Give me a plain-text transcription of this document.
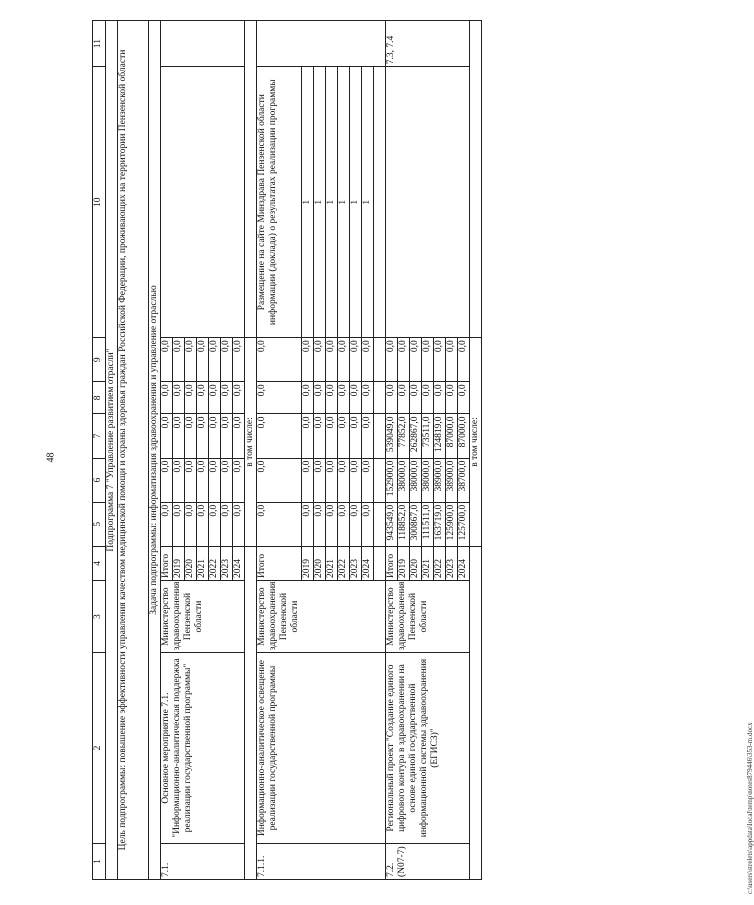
48
c:\users\strelets\appdata\local\temp\notes879446\353-m.docx
1	2	3	4	5	6	7	8	9	10	11
Подпрограмма 7 "Управление развитием отрасли"										
Цель подпрограммы: повышение эффективности управления качеством медицинской помощи и охраны здоровья граждан Российской Федерации, проживающих на территории Пензенской области										
Задача подпрограммы: информатизация здравоохранения и управление отраслью										
7.1.	Основное мероприятие 7.1. "Информационно-аналитическая поддержка реализации государственной программы"	Министерство здравоохранения Пензенской области	Итого	0,0	0,0	0,0	0,0	0,0		
			2019	0,0	0,0	0,0	0,0	0,0		
			2020	0,0	0,0	0,0	0,0	0,0		
			2021	0,0	0,0	0,0	0,0	0,0		
			2022	0,0	0,0	0,0	0,0	0,0		
			2023	0,0	0,0	0,0	0,0	0,0		
			2024	0,0	0,0	0,0	0,0	0,0		
				в том числе:						
7.1.1.	Информационно-аналитическое освещение реализации государственной программы	Министерство здравоохранения Пензенской области	Итого	0,0	0,0	0,0	0,0	0,0	Размещение на сайте Минздрава Пензенской области информации (доклада) о результатах реализации программы	
			2019	0,0	0,0	0,0	0,0	0,0	1	
			2020	0,0	0,0	0,0	0,0	0,0	1	
			2021	0,0	0,0	0,0	0,0	0,0	1	
			2022	0,0	0,0	0,0	0,0	0,0	1	
			2023	0,0	0,0	0,0	0,0	0,0	1	
			2024	0,0	0,0	0,0	0,0	0,0	1	

7.2. (N07-7)	Региональный проект "Создание единого цифрового контура в здравоохранении на основе единой государственной информационной системы здравоохранения (ЕГИСЗ)"	Министерство здравоохранения Пензенской области	Итого	943549,0	152900,0	539049,0	0,0	0,0		7.3, 7.4
			2019	118852,0	38000,0	77852,0	0,0	0,0		
			2020	300867,0	38000,0	262867,0	0,0	0,0		
			2021	111511,0	38000,0	73511,0	0,0	0,0		
			2022	163719,0	38900,0	124819,0	0,0	0,0		
			2023	125900,0	38900,0	87000,0	0,0	0,0		
			2024	125700,0	38700,0	87000,0	0,0	0,0		
				в том числе:						
